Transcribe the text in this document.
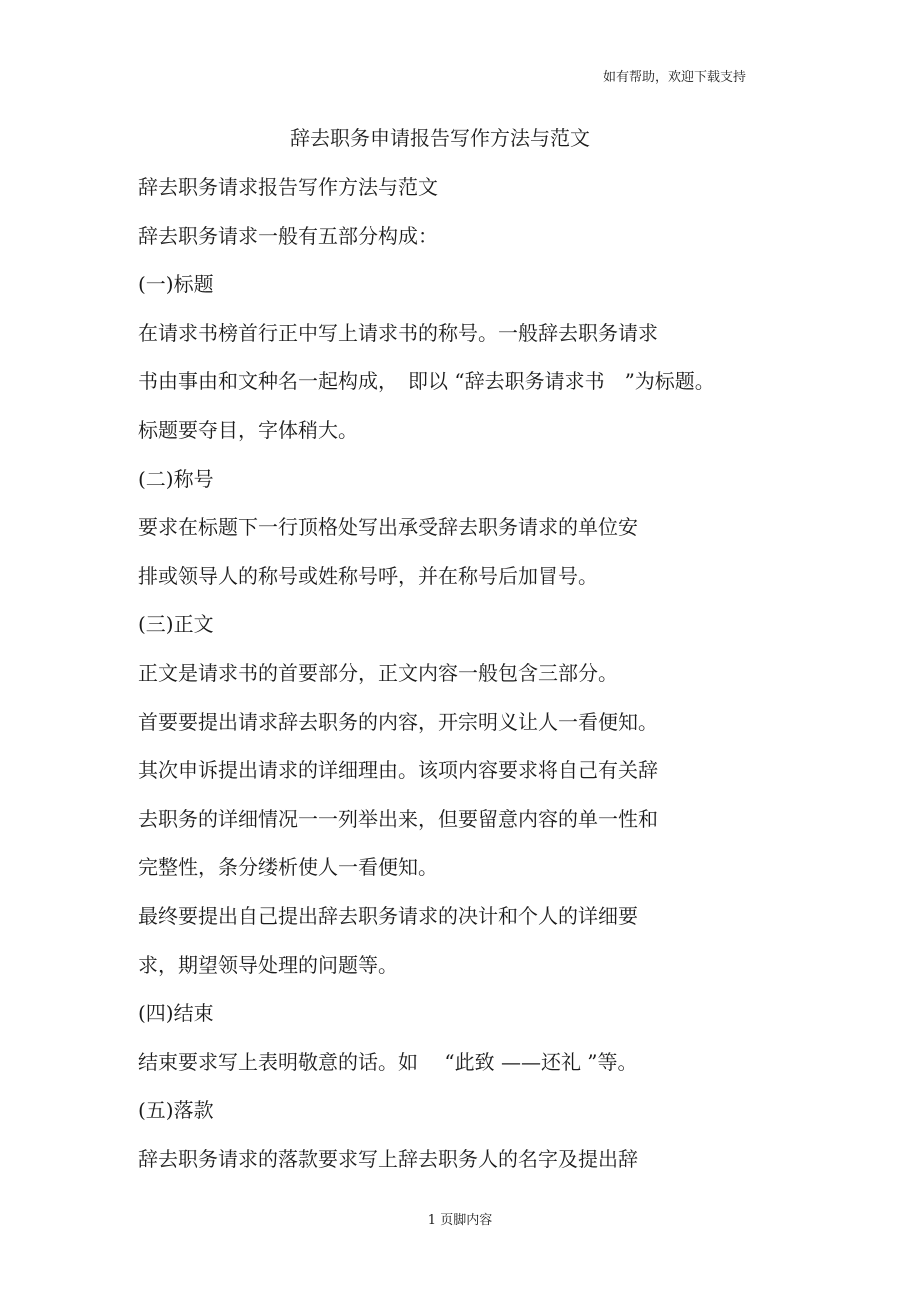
如有帮助，欢迎下载支持
辞去职务申请报告写作方法与范文
辞去职务请求报告写作方法与范文
辞去职务请求一般有五部分构成：
(一)标题
在请求书榜首行正中写上请求书的称号。一般辞去职务请求
书由事由和文种名一起构成，　即以 “辞去职务请求书　”为标题。
标题要夺目，字体稍大。
(二)称号
要求在标题下一行顶格处写出承受辞去职务请求的单位安
排或领导人的称号或姓称号呼，并在称号后加冒号。
(三)正文
正文是请求书的首要部分，正文内容一般包含三部分。
首要要提出请求辞去职务的内容，开宗明义让人一看便知。
其次申诉提出请求的详细理由。该项内容要求将自己有关辞
去职务的详细情况一一列举出来，但要留意内容的单一性和
完整性，条分缕析使人一看便知。
最终要提出自己提出辞去职务请求的决计和个人的详细要
求，期望领导处理的问题等。
(四)结束
结束要求写上表明敬意的话。如　 “此致 ——还礼 ”等。
(五)落款
辞去职务请求的落款要求写上辞去职务人的名字及提出辞
1 页脚内容
